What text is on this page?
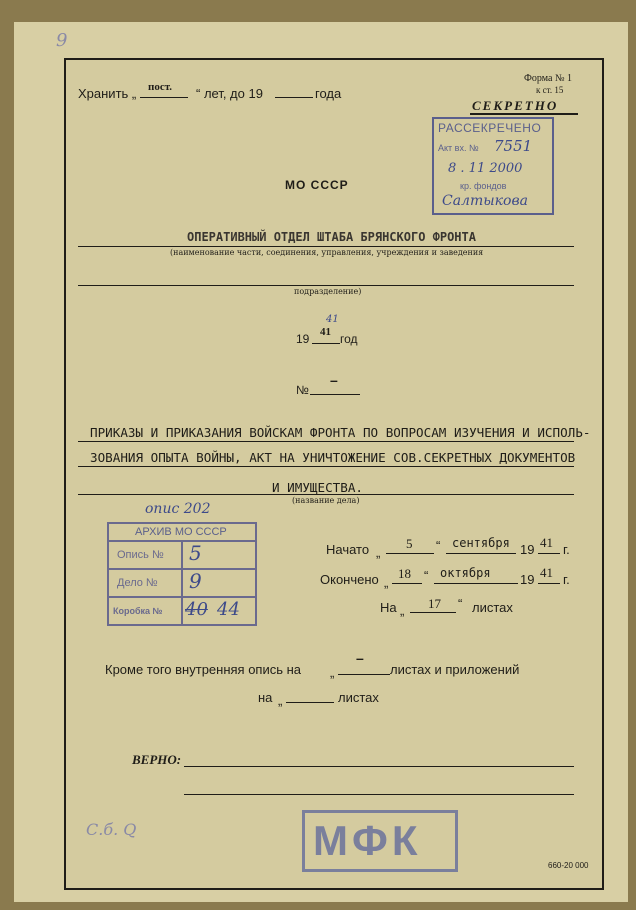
9
Хранить „ пост. “ лет, до 19	года
Форма № 1
к ст. 15
СЕКРЕТНО
РАССЕКРЕЧЕНО
Акт вх. № 7551
8 . 11 2000
кр. фондов
Салтыкова
МО СССР
ОПЕРАТИВНЫЙ ОТДЕЛ ШТАБА БРЯНСКОГО ФРОНТА
(наименование части, соединения, управления, учреждения и заведения
подразделение)
19
41
41 год
№
–
ПРИКАЗЫ И ПРИКАЗАНИЯ ВОЙСКАМ ФРОНТА ПО ВОПРОСАМ ИЗУЧЕНИЯ И ИСПОЛЬ-
ЗОВАНИЯ ОПЫТА ВОЙНЫ, АКТ НА УНИЧТОЖЕНИЕ СОВ.СЕКРЕТНЫХ ДОКУМЕНТОВ
И ИМУЩЕСТВА.
(название дела)
опис 202
АРХИВ МО СССР
Опись № 5
Дело № 9
Коробка № 40 44
Начато „
5 “ сентября 19 41 г.
Окончено „
18 “ октября 19 41 г.
На „ 17 “ листах
Кроме того внутренняя опись на „
–
листах и приложений
на „	листах
ВЕРНО:
С.б. Q	МФК
660-20 000
